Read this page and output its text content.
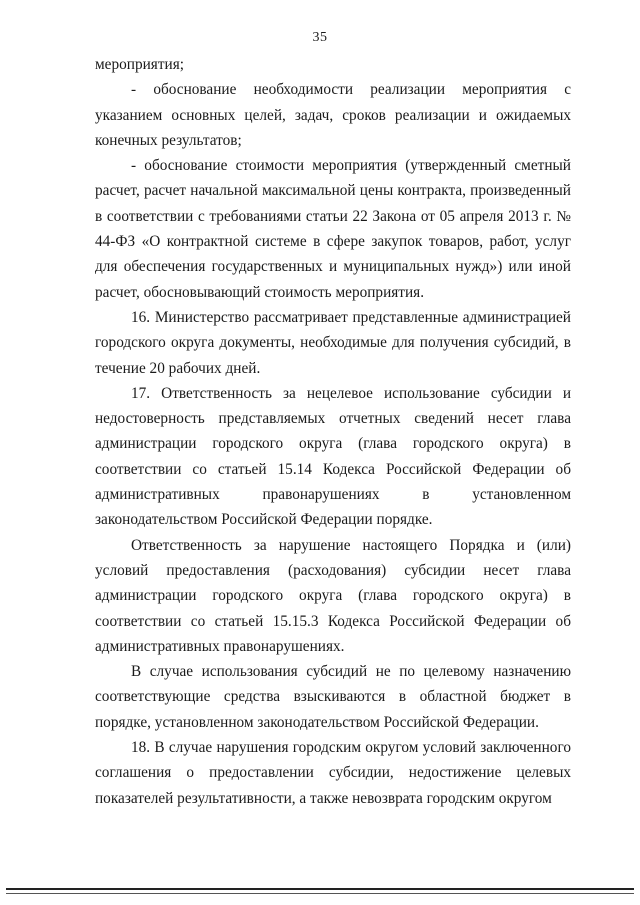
35

мероприятия;

- обоснование необходимости реализации мероприятия с указанием основных целей, задач, сроков реализации и ожидаемых конечных результатов;

- обоснование стоимости мероприятия (утвержденный сметный расчет, расчет начальной максимальной цены контракта, произведенный в соответствии с требованиями статьи 22 Закона от 05 апреля 2013 г. № 44-ФЗ «О контрактной системе в сфере закупок товаров, работ, услуг для обеспечения государственных и муниципальных нужд») или иной расчет, обосновывающий стоимость мероприятия.

16. Министерство рассматривает представленные администрацией городского округа документы, необходимые для получения субсидий, в течение 20 рабочих дней.

17. Ответственность за нецелевое использование субсидии и недостоверность представляемых отчетных сведений несет глава администрации городского округа (глава городского округа) в соответствии со статьей 15.14 Кодекса Российской Федерации об административных правонарушениях в установленном законодательством Российской Федерации порядке.

Ответственность за нарушение настоящего Порядка и (или) условий предоставления (расходования) субсидии несет глава администрации городского округа (глава городского округа) в соответствии со статьей 15.15.3 Кодекса Российской Федерации об административных правонарушениях.

В случае использования субсидий не по целевому назначению соответствующие средства взыскиваются в областной бюджет в порядке, установленном законодательством Российской Федерации.

18. В случае нарушения городским округом условий заключенного соглашения о предоставлении субсидии, недостижение целевых показателей результативности, а также невозврата городским округом
